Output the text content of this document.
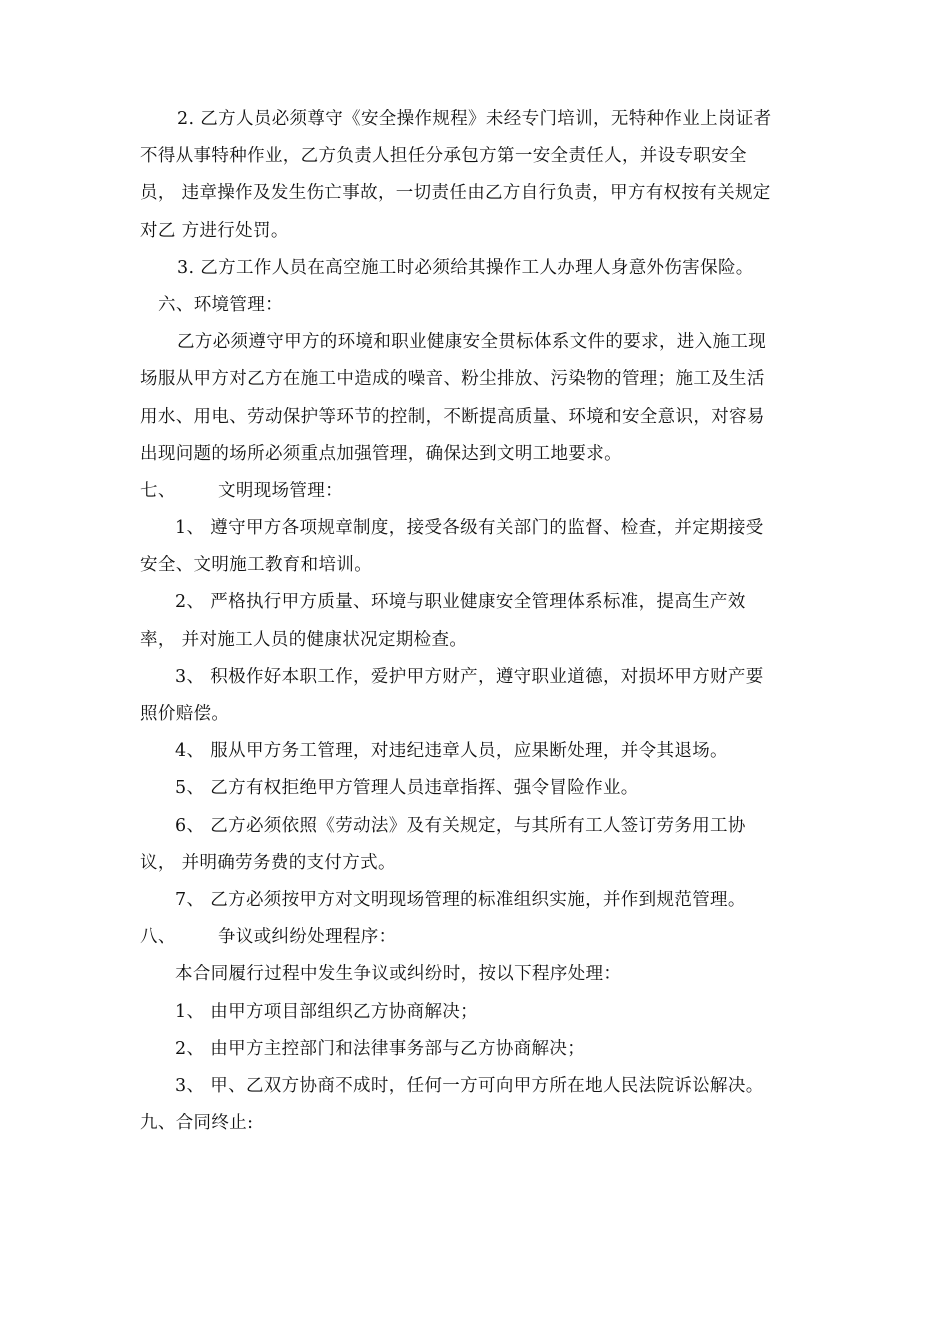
2. 乙方人员必须尊守《安全操作规程》未经专门培训，无特种作业上岗证者
不得从事特种作业，乙方负责人担任分承包方第一安全责任人，并设专职安全
员， 违章操作及发生伤亡事故，一切责任由乙方自行负责，甲方有权按有关规定
对乙 方进行处罚。
3. 乙方工作人员在高空施工时必须给其操作工人办理人身意外伤害保险。
六、环境管理：
乙方必须遵守甲方的环境和职业健康安全贯标体系文件的要求，进入施工现
场服从甲方对乙方在施工中造成的噪音、粉尘排放、污染物的管理；施工及生活
用水、用电、劳动保护等环节的控制，不断提高质量、环境和安全意识，对容易
出现问题的场所必须重点加强管理，确保达到文明工地要求。
七、 文明现场管理：
1、 遵守甲方各项规章制度，接受各级有关部门的监督、检查，并定期接受
安全、文明施工教育和培训。
2、 严格执行甲方质量、环境与职业健康安全管理体系标准，提高生产效
率， 并对施工人员的健康状况定期检查。
3、 积极作好本职工作，爱护甲方财产，遵守职业道德，对损坏甲方财产要
照价赔偿。
4、 服从甲方务工管理，对违纪违章人员，应果断处理，并令其退场。
5、 乙方有权拒绝甲方管理人员违章指挥、强令冒险作业。
6、 乙方必须依照《劳动法》及有关规定，与其所有工人签订劳务用工协
议， 并明确劳务费的支付方式。
7、 乙方必须按甲方对文明现场管理的标准组织实施，并作到规范管理。
八、 争议或纠纷处理程序：
本合同履行过程中发生争议或纠纷时，按以下程序处理：
1、 由甲方项目部组织乙方协商解决；
2、 由甲方主控部门和法律事务部与乙方协商解决；
3、 甲、乙双方协商不成时，任何一方可向甲方所在地人民法院诉讼解决。
九、合同终止:
